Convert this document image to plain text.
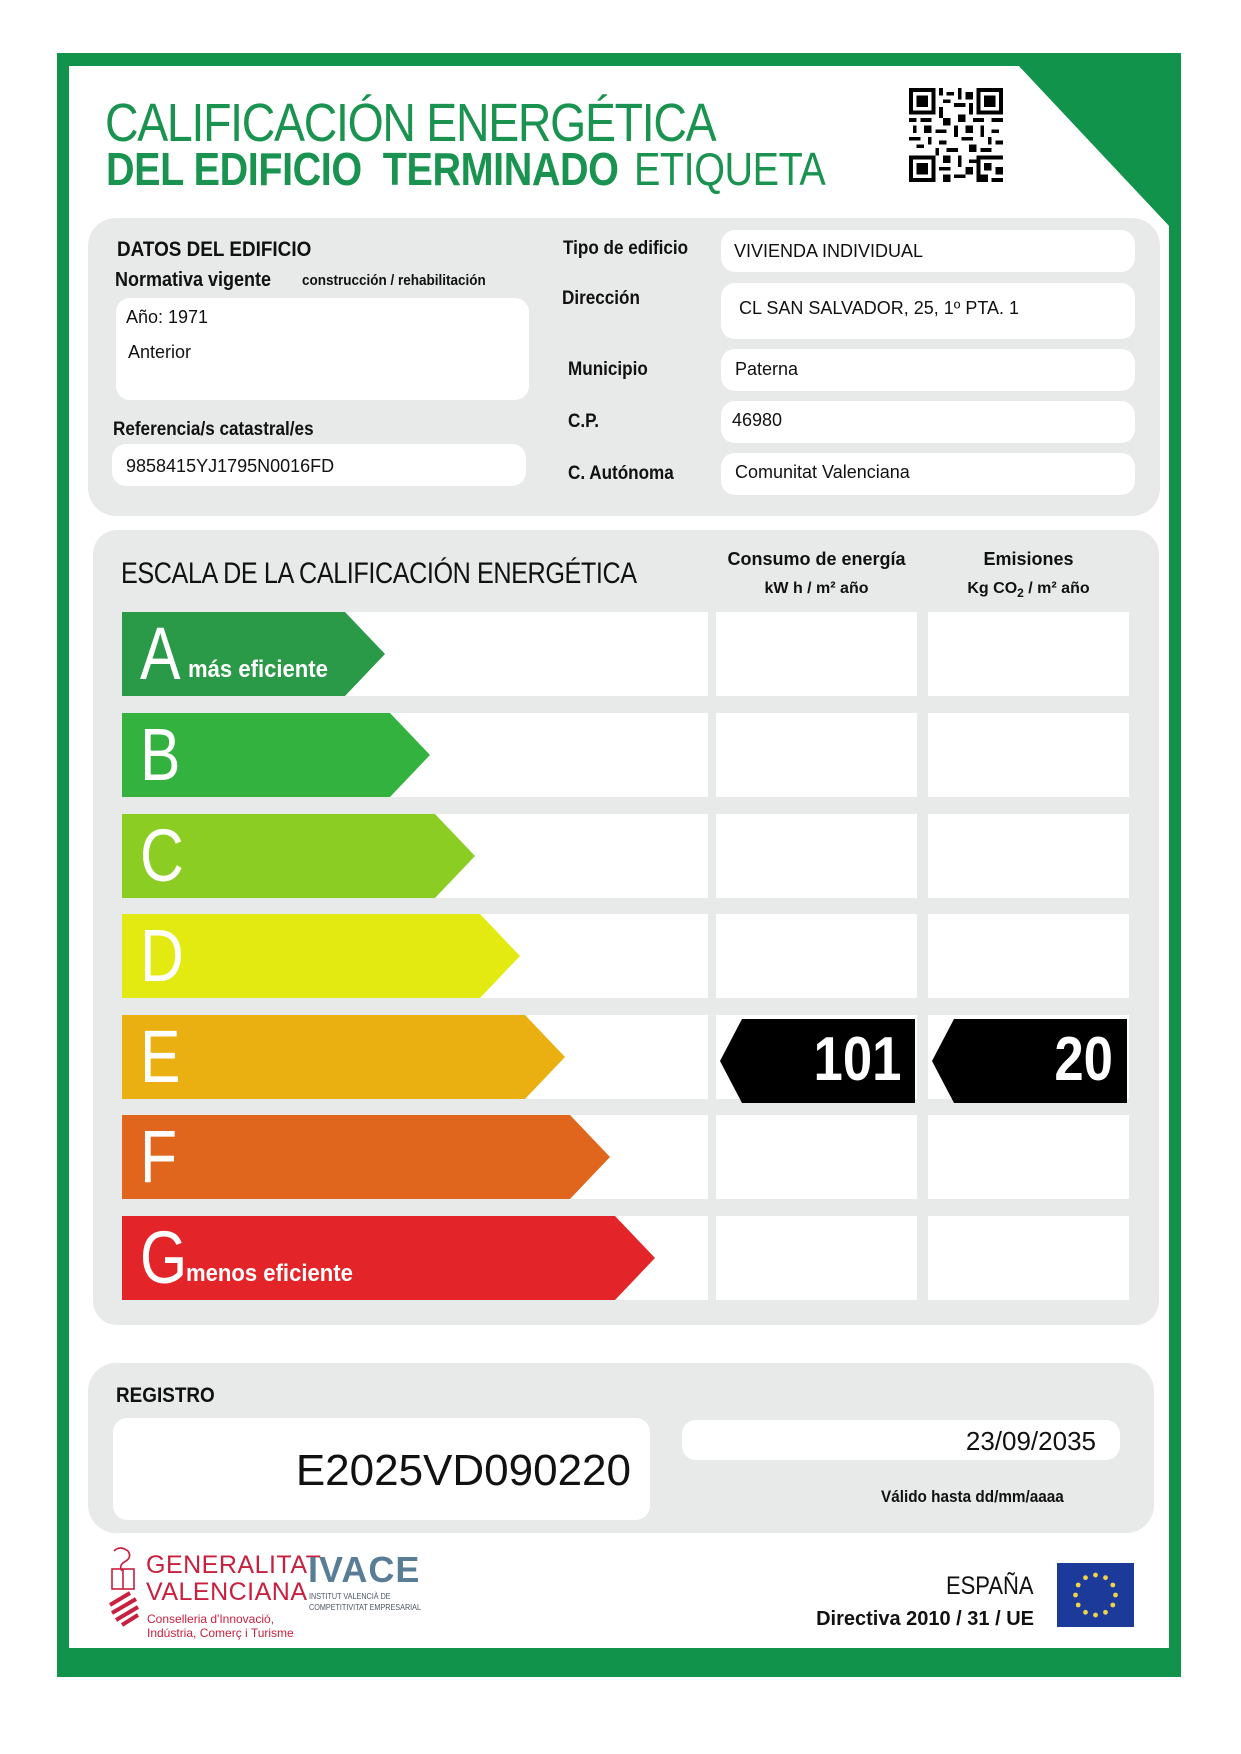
CALIFICACIÓN ENERGÉTICA
DEL EDIFICIO  TERMINADO ETIQUETA
DATOS DEL EDIFICIO
Normativa vigente construcción / rehabilitación
Año: 1971
Anterior
Referencia/s catastral/es
9858415YJ1795N0016FD
Tipo de edificio	VIVIENDA INDIVIDUAL
Dirección	CL SAN SALVADOR, 25, 1º PTA. 1
Municipio	Paterna
C.P.	46980
C. Autónoma	Comunitat Valenciana
ESCALA DE LA CALIFICACIÓN ENERGÉTICA	Consumo de energía
kW h / m² año
Emisiones
Kg $CO_2 / m^2$ año
A más eficiente
B
C
D
E	101 20
F
G
menos eficiente
REGISTRO
E2025VD090220
23/09/2035
Válido hasta dd/mm/aaaa
GENERALITAT
VALENCIANA
Conselleria d'Innovació,
Indústria, Comerç i Turisme
IVACE
INSTITUT VALENCIÀ DE
COMPETITIVITAT EMPRESARIAL
ESPAÑA
Directiva 2010 / 31 / UE
